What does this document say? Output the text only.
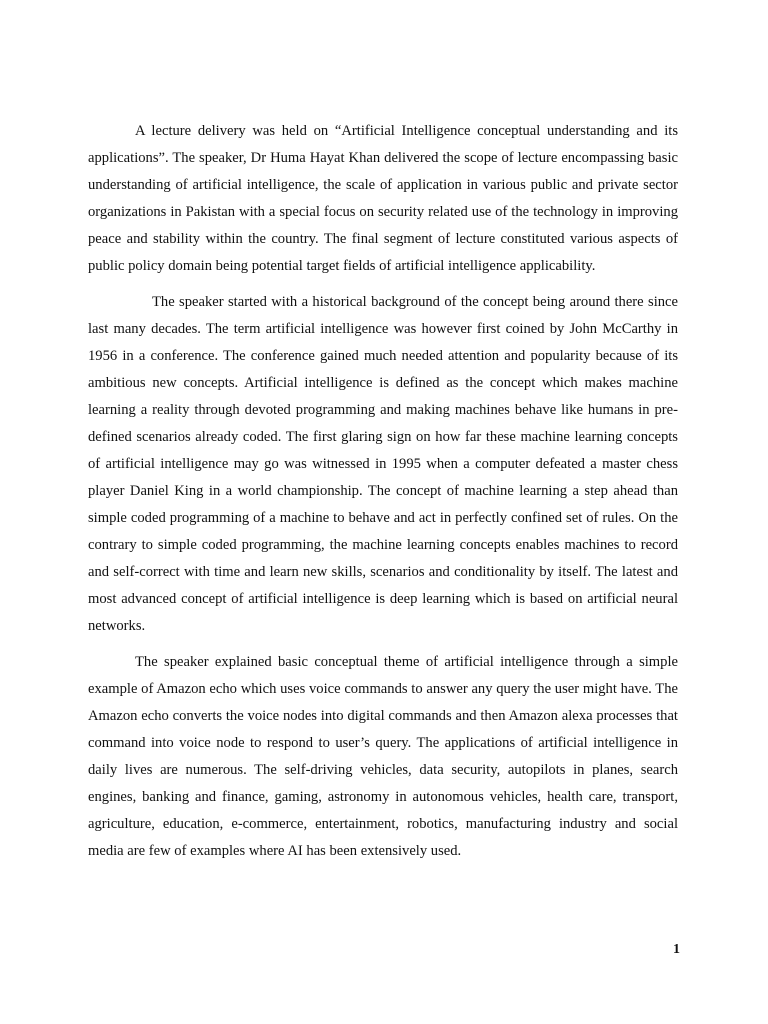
A lecture delivery was held on “Artificial Intelligence conceptual understanding and its applications”. The speaker, Dr Huma Hayat Khan delivered the scope of lecture encompassing basic understanding of artificial intelligence, the scale of application in various public and private sector organizations in Pakistan with a special focus on security related use of the technology in improving peace and stability within the country. The final segment of lecture constituted various aspects of public policy domain being potential target fields of artificial intelligence applicability.

The speaker started with a historical background of the concept being around there since last many decades. The term artificial intelligence was however first coined by John McCarthy in 1956 in a conference. The conference gained much needed attention and popularity because of its ambitious new concepts. Artificial intelligence is defined as the concept which makes machine learning a reality through devoted programming and making machines behave like humans in pre-defined scenarios already coded. The first glaring sign on how far these machine learning concepts of artificial intelligence may go was witnessed in 1995 when a computer defeated a master chess player Daniel King in a world championship. The concept of machine learning a step ahead than simple coded programming of a machine to behave and act in perfectly confined set of rules. On the contrary to simple coded programming, the machine learning concepts enables machines to record and self-correct with time and learn new skills, scenarios and conditionality by itself. The latest and most advanced concept of artificial intelligence is deep learning which is based on artificial neural networks.

The speaker explained basic conceptual theme of artificial intelligence through a simple example of Amazon echo which uses voice commands to answer any query the user might have. The Amazon echo converts the voice nodes into digital commands and then Amazon alexa processes that command into voice node to respond to user’s query. The applications of artificial intelligence in daily lives are numerous. The self-driving vehicles, data security, autopilots in planes, search engines, banking and finance, gaming, astronomy in autonomous vehicles, health care, transport, agriculture, education, e-commerce, entertainment, robotics, manufacturing industry and social media are few of examples where AI has been extensively used.

1
